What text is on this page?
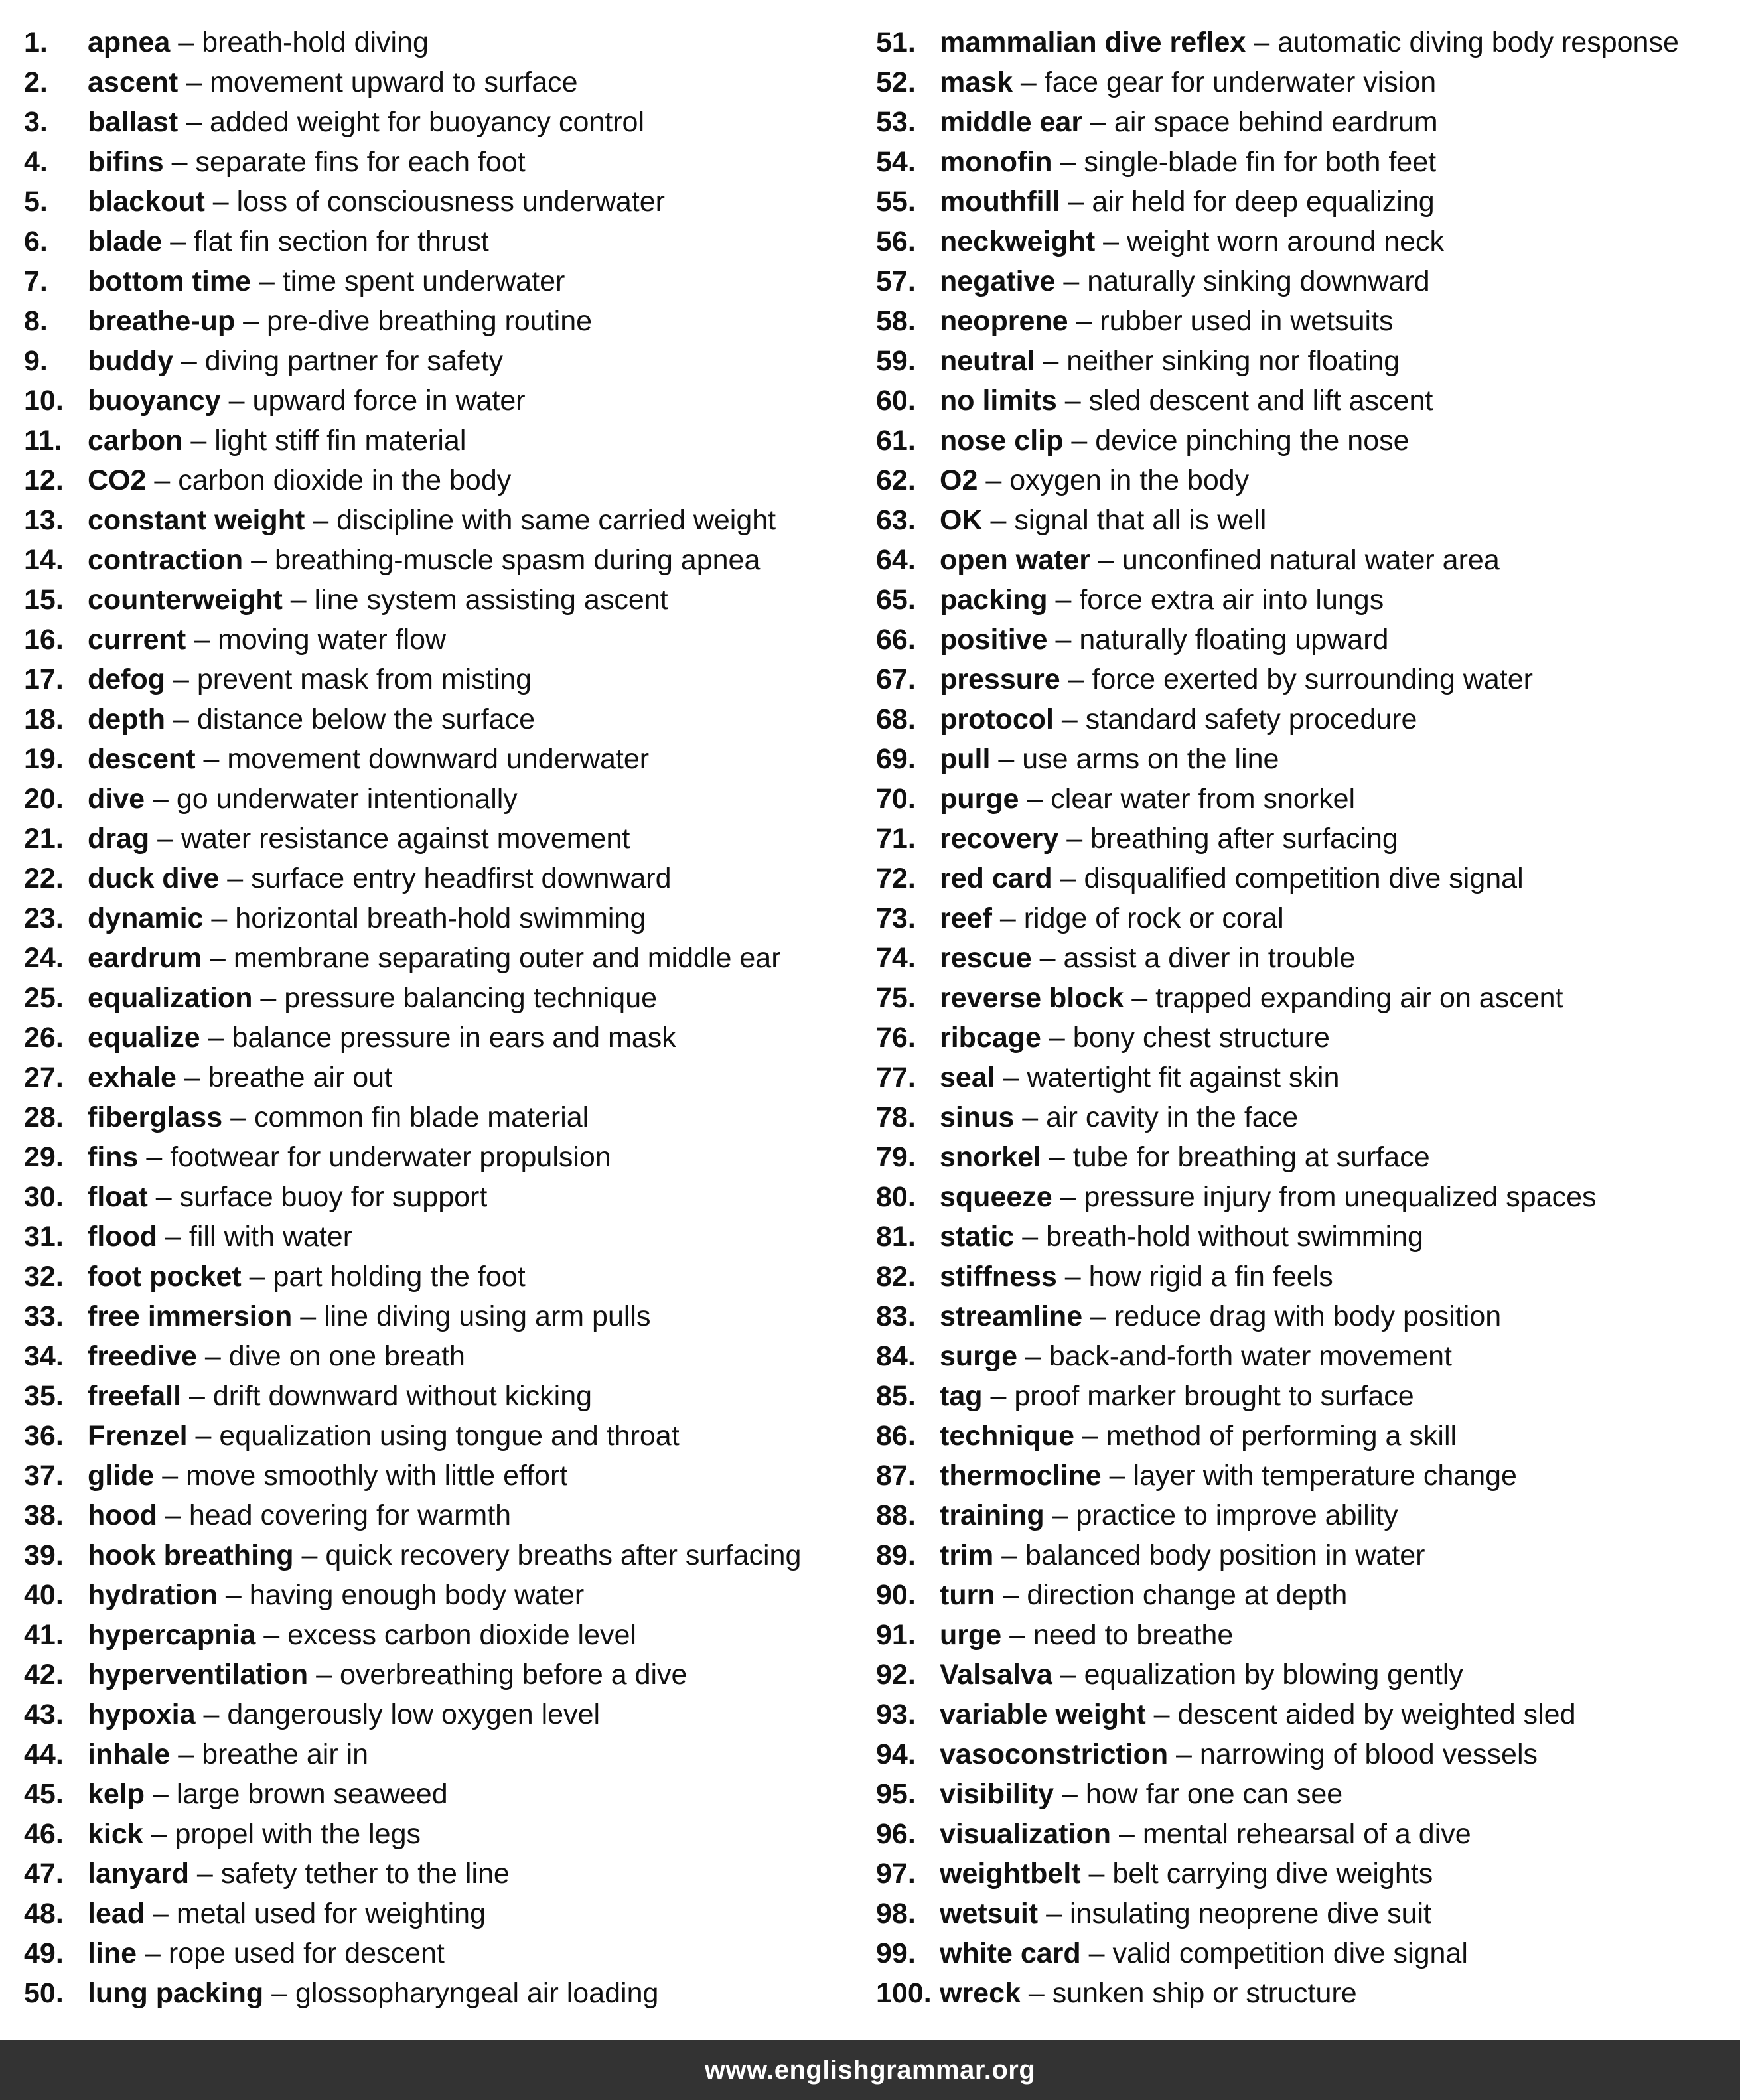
1.	apnea – breath-hold diving
2.	ascent – movement upward to surface
3.	ballast – added weight for buoyancy control
4.	bifins – separate fins for each foot
5.	blackout – loss of consciousness underwater
6.	blade – flat fin section for thrust
7.	bottom time – time spent underwater
8.	breathe-up – pre-dive breathing routine
9.	buddy – diving partner for safety
10. buoyancy – upward force in water
11. carbon – light stiff fin material
12. CO2 – carbon dioxide in the body
13. constant weight – discipline with same carried weight
14. contraction – breathing-muscle spasm during apnea
15. counterweight – line system assisting ascent
16. current – moving water flow
17. defog – prevent mask from misting
18. depth – distance below the surface
19. descent – movement downward underwater
20. dive – go underwater intentionally
21. drag – water resistance against movement
22. duck dive – surface entry headfirst downward
23. dynamic – horizontal breath-hold swimming
24. eardrum – membrane separating outer and middle ear
25. equalization – pressure balancing technique
26. equalize – balance pressure in ears and mask
27. exhale – breathe air out
28. fiberglass – common fin blade material
29. fins – footwear for underwater propulsion
30. float – surface buoy for support
31. flood – fill with water
32. foot pocket – part holding the foot
33. free immersion – line diving using arm pulls
34. freedive – dive on one breath
35. freefall – drift downward without kicking
36. Frenzel – equalization using tongue and throat
37. glide – move smoothly with little effort
38. hood – head covering for warmth
39. hook breathing – quick recovery breaths after surfacing
40. hydration – having enough body water
41. hypercapnia – excess carbon dioxide level
42. hyperventilation – overbreathing before a dive
43. hypoxia – dangerously low oxygen level
44. inhale – breathe air in
45. kelp – large brown seaweed
46. kick – propel with the legs
47. lanyard – safety tether to the line
48. lead – metal used for weighting
49. line – rope used for descent
50. lung packing – glossopharyngeal air loading
51. mammalian dive reflex – automatic diving body response
52. mask – face gear for underwater vision
53. middle ear – air space behind eardrum
54. monofin – single-blade fin for both feet
55. mouthfill – air held for deep equalizing
56. neckweight – weight worn around neck
57. negative – naturally sinking downward
58. neoprene – rubber used in wetsuits
59. neutral – neither sinking nor floating
60. no limits – sled descent and lift ascent
61. nose clip – device pinching the nose
62. O2 – oxygen in the body
63. OK – signal that all is well
64. open water – unconfined natural water area
65. packing – force extra air into lungs
66. positive – naturally floating upward
67. pressure – force exerted by surrounding water
68. protocol – standard safety procedure
69. pull – use arms on the line
70. purge – clear water from snorkel
71. recovery – breathing after surfacing
72. red card – disqualified competition dive signal
73. reef – ridge of rock or coral
74. rescue – assist a diver in trouble
75. reverse block – trapped expanding air on ascent
76. ribcage – bony chest structure
77. seal – watertight fit against skin
78. sinus – air cavity in the face
79. snorkel – tube for breathing at surface
80. squeeze – pressure injury from unequalized spaces
81. static – breath-hold without swimming
82. stiffness – how rigid a fin feels
83. streamline – reduce drag with body position
84. surge – back-and-forth water movement
85. tag – proof marker brought to surface
86. technique – method of performing a skill
87. thermocline – layer with temperature change
88. training – practice to improve ability
89. trim – balanced body position in water
90. turn – direction change at depth
91. urge – need to breathe
92. Valsalva – equalization by blowing gently
93. variable weight – descent aided by weighted sled
94. vasoconstriction – narrowing of blood vessels
95. visibility – how far one can see
96. visualization – mental rehearsal of a dive
97. weightbelt – belt carrying dive weights
98. wetsuit – insulating neoprene dive suit
99. white card – valid competition dive signal
100. wreck – sunken ship or structure
www.englishgrammar.org
